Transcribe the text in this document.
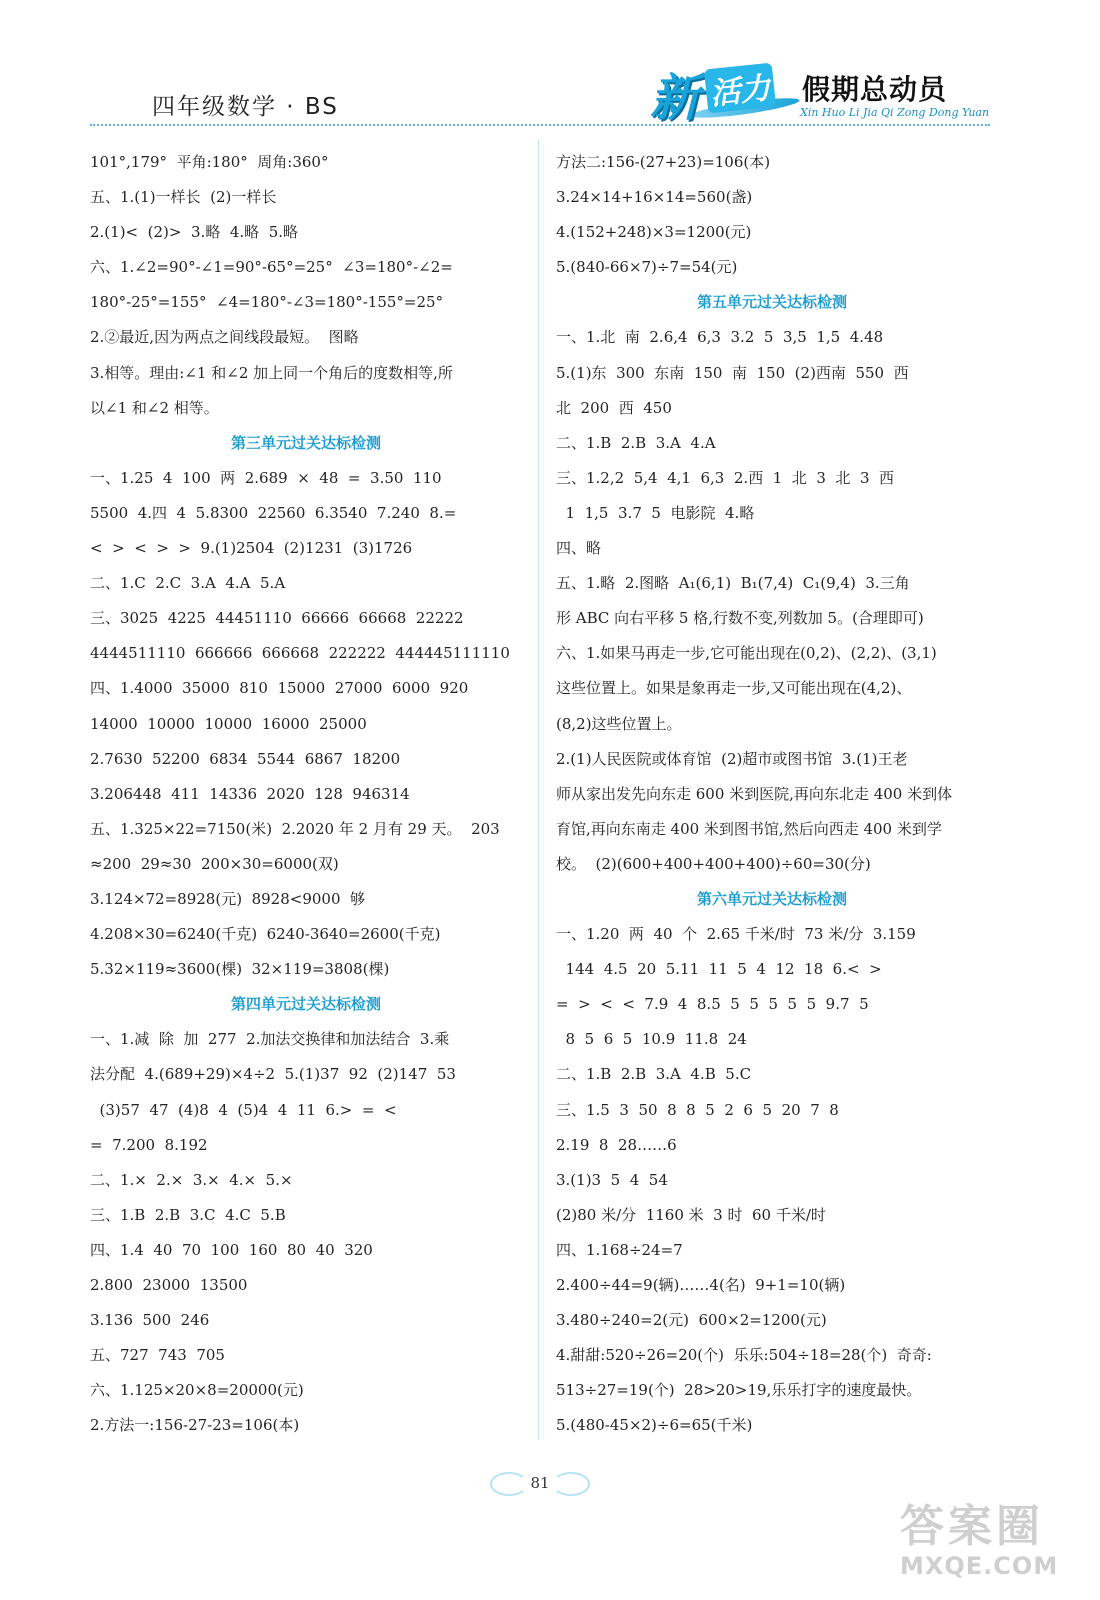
四年级数学 · BS	新 活力 假期总动员
Xin Huo Li Jia Qi Zong Dong Yuan
101°,179°  平角:180°  周角:360°
五、1.(1)一样长  (2)一样长
2.(1)<  (2)>  3.略  4.略  5.略
六、1.∠2=90°-∠1=90°-65°=25°  ∠3=180°-∠2=
180°-25°=155°  ∠4=180°-∠3=180°-155°=25°
2.②最近,因为两点之间线段最短。  图略
3.相等。理由:∠1 和∠2 加上同一个角后的度数相等,所
以∠1 和∠2 相等。
第三单元过关达标检测
一、1.25  4  100  两  2.689  ×  48  =  3.50  110
5500  4.四  4  5.8300  22560  6.3540  7.240  8.=
<  >  <  >  >  9.(1)2504  (2)1231  (3)1726
二、1.C  2.C  3.A  4.A  5.A
三、3025  4225  44451110  66666  66668  22222
4444511110  666666  666668  222222  444445111110
四、1.4000  35000  810  15000  27000  6000  920
14000  10000  10000  16000  25000
2.7630  52200  6834  5544  6867  18200
3.206448  411  14336  2020  128  946314
五、1.325×22=7150(米)  2.2020 年 2 月有 29 天。  203
≈200  29≈30  200×30=6000(双)
3.124×72=8928(元)  8928<9000  够
4.208×30=6240(千克)  6240-3640=2600(千克)
5.32×119≈3600(棵)  32×119=3808(棵)
第四单元过关达标检测
一、1.减  除  加  277  2.加法交换律和加法结合  3.乘
法分配  4.(689+29)×4÷2  5.(1)37  92  (2)147  53
(3)57  47  (4)8  4  (5)4  4  11  6.>  =  <
=  7.200  8.192
二、1.×  2.×  3.×  4.×  5.×
三、1.B  2.B  3.C  4.C  5.B
四、1.4  40  70  100  160  80  40  320
2.800  23000  13500
3.136  500  246
五、727  743  705
六、1.125×20×8=20000(元)
2.方法一:156-27-23=106(本)
方法二:156-(27+23)=106(本)
3.24×14+16×14=560(盏)
4.(152+248)×3=1200(元)
5.(840-66×7)÷7=54(元)
第五单元过关达标检测
一、1.北  南  2.6,4  6,3  3.2  5  3,5  1,5  4.48
5.(1)东  300  东南  150  南  150  (2)西南  550  西
北  200  西  450
二、1.B  2.B  3.A  4.A
三、1.2,2  5,4  4,1  6,3  2.西  1  北  3  北  3  西
1  1,5  3.7  5  电影院  4.略
四、略
五、1.略  2.图略  A₁(6,1)  B₁(7,4)  C₁(9,4)  3.三角
形 ABC 向右平移 5 格,行数不变,列数加 5。(合理即可)
六、1.如果马再走一步,它可能出现在(0,2)、(2,2)、(3,1)
这些位置上。如果是象再走一步,又可能出现在(4,2)、
(8,2)这些位置上。
2.(1)人民医院或体育馆  (2)超市或图书馆  3.(1)王老
师从家出发先向东走 600 米到医院,再向东北走 400 米到体
育馆,再向东南走 400 米到图书馆,然后向西走 400 米到学
校。  (2)(600+400+400+400)÷60=30(分)
第六单元过关达标检测
一、1.20  两  40  个  2.65 千米/时  73 米/分  3.159
144  4.5  20  5.11  11  5  4  12  18  6.<  >
=  >  <  <  7.9  4  8.5  5  5  5  5  5  9.7  5
8  5  6  5  10.9  11.8  24
二、1.B  2.B  3.A  4.B  5.C
三、1.5  3  50  8  8  5  2  6  5  20  7  8
2.19  8  28……6
3.(1)3  5  4  54
(2)80 米/分  1160 米  3 时  60 千米/时
四、1.168÷24=7
2.400÷44=9(辆)……4(名)  9+1=10(辆)
3.480÷240=2(元)  600×2=1200(元)
4.甜甜:520÷26=20(个)  乐乐:504÷18=28(个)  奇奇:
513÷27=19(个)  28>20>19,乐乐打字的速度最快。
5.(480-45×2)÷6=65(千米)
81
答案圈
MXQE.COM
